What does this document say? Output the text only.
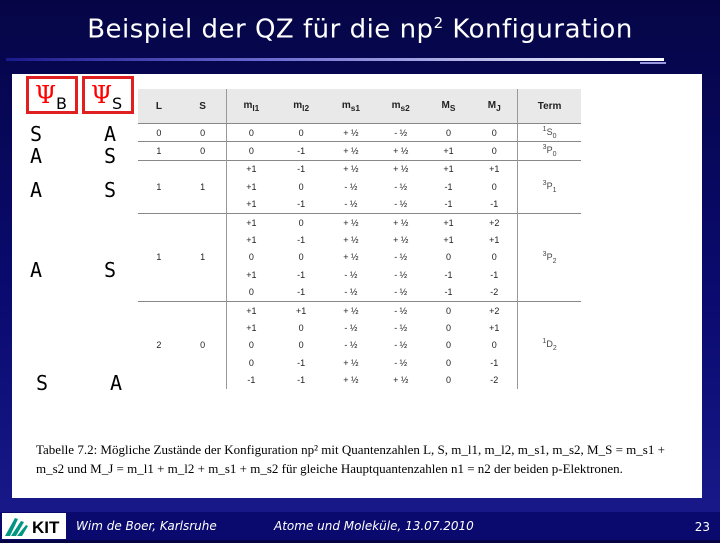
Beispiel der QZ für die $np^2$ Konfiguration
$\Psi_B$ $\Psi_S$
S
A
A
A
S
A
S
S
S
A
L	S	$m_{l1}$	$m_{l2}$	$m_{s1}$	$m_{s2}$	$M_S$	$M_J$	Term
0	0	0	0	+ ½	- ½	0	0	$^1S_0$
1	0	0	-1	+ ½	+ ½	+1	0	$^3P_0$
1	1	+1	-1	+ ½	+ ½	+1	+1	$^3P_1$
		+1	0	- ½	- ½	-1	0	
		+1	-1	- ½	- ½	-1	-1	
1	1	+1	0	+ ½	+ ½	+1	+2	$^3P_2$
		+1	-1	+ ½	+ ½	+1	+1	
		0	0	+ ½	- ½	0	0	
		+1	-1	- ½	- ½	-1	-1	
		0	-1	- ½	- ½	-1	-2	
2	0	+1	+1	+ ½	- ½	0	+2	$^1D_2$
		+1	0	- ½	- ½	0	+1	
		0	0	- ½	- ½	0	0	
		0	-1	+ ½	- ½	0	-1	
		-1	-1	+ ½	+ ½	0	-2	
Tabelle 7.2: Mögliche Zustände der Konfiguration np² mit Quantenzahlen L, S, m_l1, m_l2, m_s1, m_s2, M_S = m_s1 +
m_s2 und M_J = m_l1 + m_l2 + m_s1 + m_s2 für gleiche Hauptquantenzahlen n1 = n2 der beiden p-Elektronen.
KIT Wim de Boer, Karlsruhe	Atome und Moleküle, 13.07.2010	23
